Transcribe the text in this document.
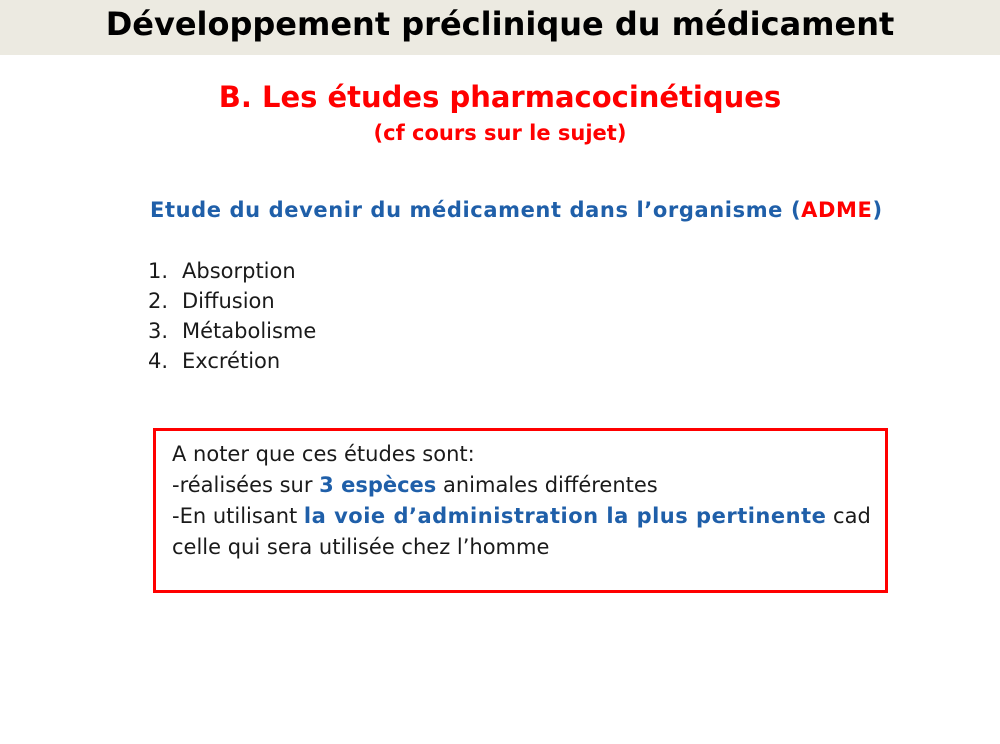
Développement préclinique du médicament
B. Les études pharmacocinétiques
(cf cours sur le sujet)
Etude du devenir du médicament dans l’organisme (ADME)
1. Absorption
2. Diffusion
3. Métabolisme
4. Excrétion
A noter que ces études sont:
-réalisées sur 3 espèces animales différentes
-En utilisant la voie d’administration la plus pertinente cad
celle qui sera utilisée chez l’homme
